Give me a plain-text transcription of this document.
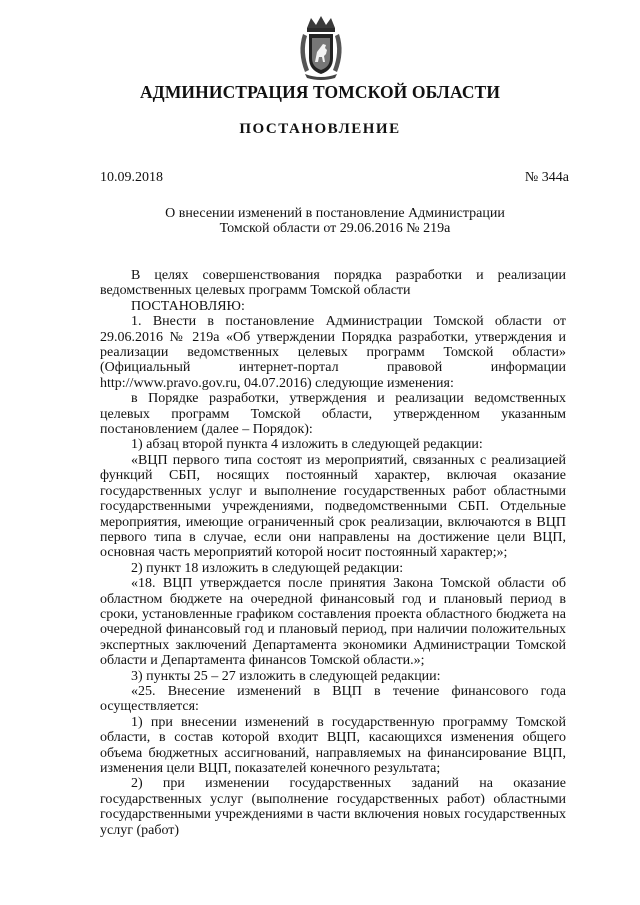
АДМИНИСТРАЦИЯ ТОМСКОЙ ОБЛАСТИ
ПОСТАНОВЛЕНИЕ
10.09.2018	№ 344а
О внесении изменений в постановление Администрации
Томской области от 29.06.2016 № 219а

В целях совершенствования порядка разработки и реализации ведомственных целевых программ Томской области

ПОСТАНОВЛЯЮ:

1. Внести в постановление Администрации Томской области от 29.06.2016 № 219а «Об утверждении Порядка разработки, утверждения и реализации ведомственных целевых программ Томской области» (Официальный интернет-портал правовой информации http://www.pravo.gov.ru, 04.07.2016) следующие изменения:

в Порядке разработки, утверждения и реализации ведомственных целевых программ Томской области, утвержденном указанным постановлением (далее – Порядок):

1) абзац второй пункта 4 изложить в следующей редакции:

«ВЦП первого типа состоят из мероприятий, связанных с реализацией функций СБП, носящих постоянный характер, включая оказание государственных услуг и выполнение государственных работ областными государственными учреждениями, подведомственными СБП. Отдельные мероприятия, имеющие ограниченный срок реализации, включаются в ВЦП первого типа в случае, если они направлены на достижение цели ВЦП, основная часть мероприятий которой носит постоянный характер;»;

2) пункт 18 изложить в следующей редакции:

«18. ВЦП утверждается после принятия Закона Томской области об областном бюджете на очередной финансовый год и плановый период в сроки, установленные графиком составления проекта областного бюджета на очередной финансовый год и плановый период, при наличии положительных экспертных заключений Департамента экономики Администрации Томской области и Департамента финансов Томской области.»;

3) пункты 25 – 27 изложить в следующей редакции:

«25. Внесение изменений в ВЦП в течение финансового года осуществляется:

1) при внесении изменений в государственную программу Томской области, в состав которой входит ВЦП, касающихся изменения общего объема бюджетных ассигнований, направляемых на финансирование ВЦП, изменения цели ВЦП, показателей конечного результата;

2) при изменении государственных заданий на оказание государственных услуг (выполнение государственных работ) областными государственными учреждениями в части включения новых государственных услуг (работ)
